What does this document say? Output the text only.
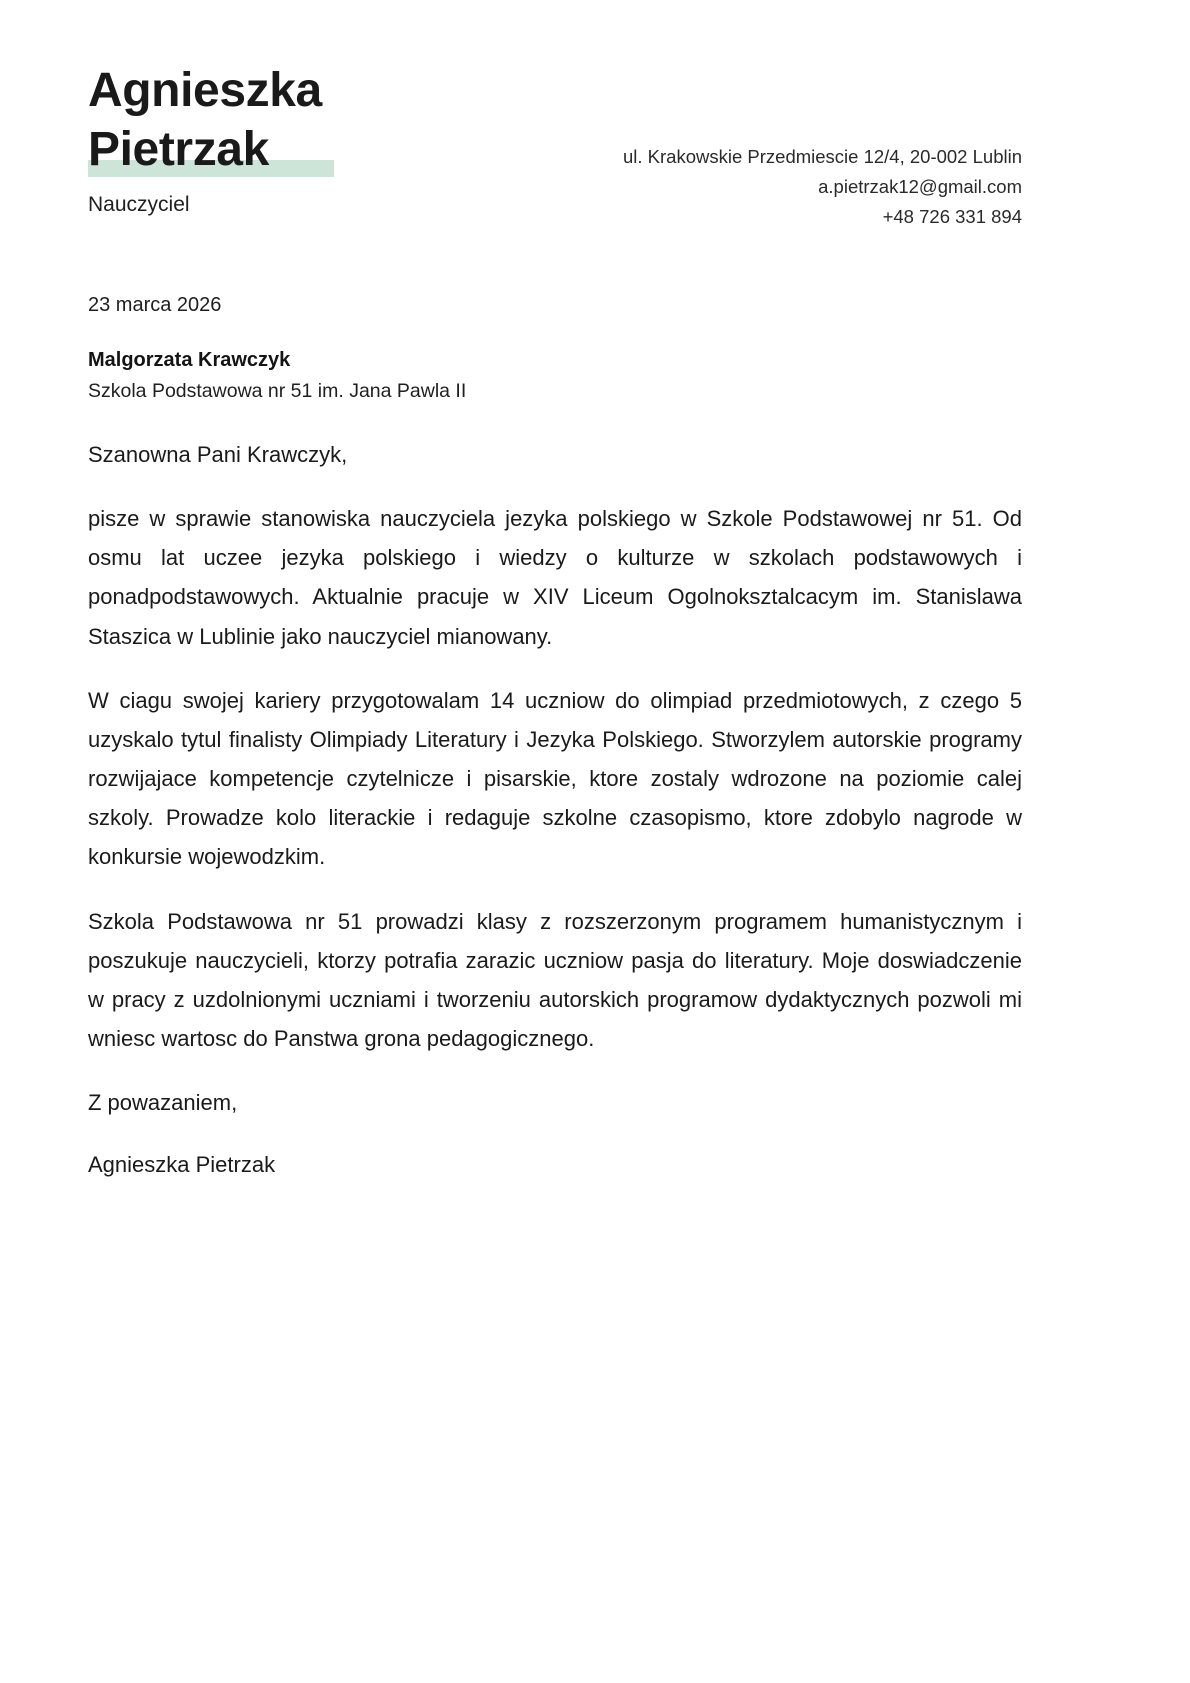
Agnieszka
Pietrzak
Nauczyciel
ul. Krakowskie Przedmiescie 12/4, 20-002 Lublin
a.pietrzak12@gmail.com
+48 726 331 894
23 marca 2026
Malgorzata Krawczyk
Szkola Podstawowa nr 51 im. Jana Pawla II
Szanowna Pani Krawczyk,

pisze w sprawie stanowiska nauczyciela jezyka polskiego w Szkole Podstawowej nr 51. Od osmu lat uczee jezyka polskiego i wiedzy o kulturze w szkolach podstawowych i ponadpodstawowych. Aktualnie pracuje w XIV Liceum Ogolnoksztalcacym im. Stanislawa Staszica w Lublinie jako nauczyciel mianowany.

W ciagu swojej kariery przygotowalam 14 uczniow do olimpiad przedmiotowych, z czego 5 uzyskalo tytul finalisty Olimpiady Literatury i Jezyka Polskiego. Stworzylem autorskie programy rozwijajace kompetencje czytelnicze i pisarskie, ktore zostaly wdrozone na poziomie calej szkoly. Prowadze kolo literackie i redaguje szkolne czasopismo, ktore zdobylo nagrode w konkursie wojewodzkim.

Szkola Podstawowa nr 51 prowadzi klasy z rozszerzonym programem humanistycznym i poszukuje nauczycieli, ktorzy potrafia zarazic uczniow pasja do literatury. Moje doswiadczenie w pracy z uzdolnionymi uczniami i tworzeniu autorskich programow dydaktycznych pozwoli mi wniesc wartosc do Panstwa grona pedagogicznego.

Z powazaniem,
Agnieszka Pietrzak
